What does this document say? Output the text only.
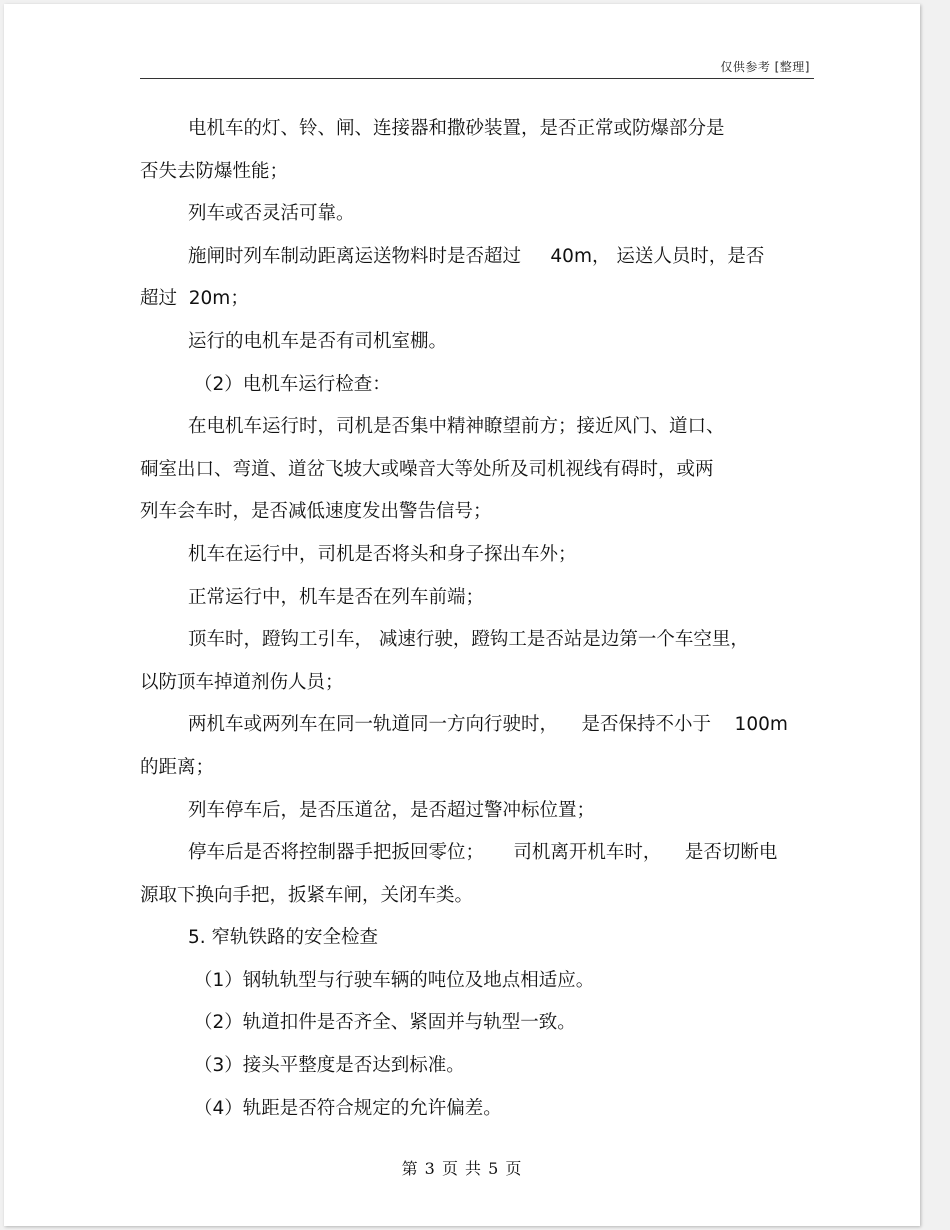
仅供参考 [整理]
电机车的灯、铃、闸、连接器和撒砂装置，是否正常或防爆部分是
否失去防爆性能；
列车或否灵活可靠。
施闸时列车制动距离运送物料时是否超过     40m， 运送人员时，是否
超过  20m；
运行的电机车是否有司机室棚。
（2）电机车运行检查：
在电机车运行时，司机是否集中精神瞭望前方；接近风门、道口、
硐室出口、弯道、道岔飞坡大或噪音大等处所及司机视线有碍时，或两
列车会车时，是否减低速度发出警告信号；
机车在运行中，司机是否将头和身子探出车外；
正常运行中，机车是否在列车前端；
顶车时，蹬钩工引车， 减速行驶，蹬钩工是否站是边第一个车空里，
以防顶车掉道剂伤人员；
两机车或两列车在同一轨道同一方向行驶时，    是否保持不小于    100m
的距离；
列车停车后，是否压道岔，是否超过警冲标位置；
停车后是否将控制器手把扳回零位；     司机离开机车时，    是否切断电
源取下换向手把，扳紧车闸，关闭车类。
5. 窄轨铁路的安全检查
（1）钢轨轨型与行驶车辆的吨位及地点相适应。
（2）轨道扣件是否齐全、紧固并与轨型一致。
（3）接头平整度是否达到标准。
（4）轨距是否符合规定的允许偏差。
第 3 页 共 5 页
